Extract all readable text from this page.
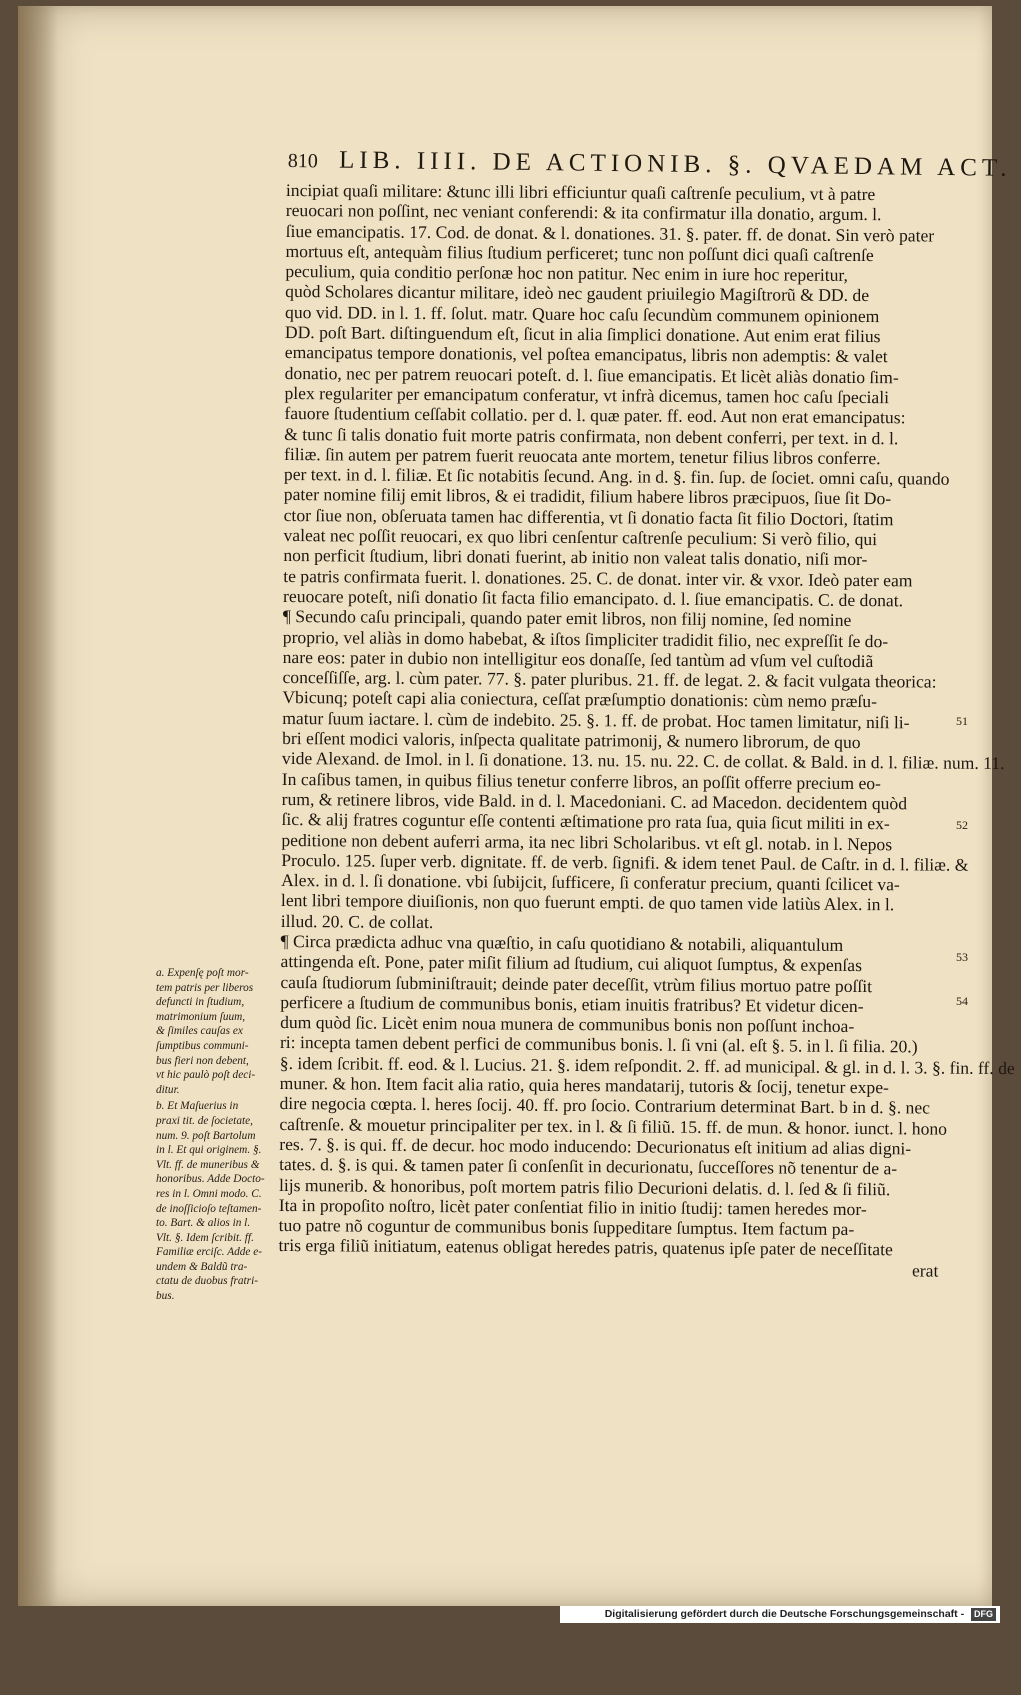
810 LIB. IIII. DE ACTIONIB. §. QVAEDAM ACT.
incipiat quaſi militare: &tunc illi libri efficiuntur quaſi caſtrenſe peculium, vt à patre
reuocari non poſſint, nec veniant conferendi: & ita confirmatur illa donatio, argum. l.
ſiue emancipatis. 17. Cod. de donat. & l. donationes. 31. §. pater. ff. de donat. Sin verò pater
mortuus eſt, antequàm filius ſtudium perficeret; tunc non poſſunt dici quaſi caſtrenſe
peculium, quia conditio perſonæ hoc non patitur. Nec enim in iure hoc reperitur,
quòd Scholares dicantur militare, ideò nec gaudent priuilegio Magiſtrorũ & DD. de
quo vid. DD. in l. 1. ff. ſolut. matr. Quare hoc caſu ſecundùm communem opinionem
DD. poſt Bart. diſtinguendum eſt, ſicut in alia ſimplici donatione. Aut enim erat filius
emancipatus tempore donationis, vel poſtea emancipatus, libris non ademptis: & valet
donatio, nec per patrem reuocari poteſt. d. l. ſiue emancipatis. Et licèt aliàs donatio ſim-
plex regulariter per emancipatum conferatur, vt infrà dicemus, tamen hoc caſu ſpeciali
fauore ſtudentium ceſſabit collatio. per d. l. quæ pater. ff. eod. Aut non erat emancipatus:
& tunc ſi talis donatio fuit morte patris confirmata, non debent conferri, per text. in d. l.
filiæ. ſin autem per patrem fuerit reuocata ante mortem, tenetur filius libros conferre.
per text. in d. l. filiæ. Et ſic notabitis ſecund. Ang. in d. §. fin. ſup. de ſociet. omni caſu, quando
pater nomine filij emit libros, & ei tradidit, filium habere libros præcipuos, ſiue ſit Do-
ctor ſiue non, obſeruata tamen hac differentia, vt ſi donatio facta ſit filio Doctori, ſtatim
valeat nec poſſit reuocari, ex quo libri cenſentur caſtrenſe peculium: Si verò filio, qui
non perficit ſtudium, libri donati fuerint, ab initio non valeat talis donatio, niſi mor-
te patris confirmata fuerit. l. donationes. 25. C. de donat. inter vir. & vxor. Ideò pater eam
reuocare poteſt, niſi donatio ſit facta filio emancipato. d. l. ſiue emancipatis. C. de donat.
¶ Secundo caſu principali, quando pater emit libros, non filij nomine, ſed nomine
proprio, vel aliàs in domo habebat, & iſtos ſimpliciter tradidit filio, nec expreſſit ſe do-
nare eos: pater in dubio non intelligitur eos donaſſe, ſed tantùm ad vſum vel cuſtodiã
conceſſiſſe, arg. l. cùm pater. 77. §. pater pluribus. 21. ff. de legat. 2. & facit vulgata theorica:
Vbicunq; poteſt capi alia coniectura, ceſſat præſumptio donationis: cùm nemo præſu-
matur ſuum iactare. l. cùm de indebito. 25. §. 1. ff. de probat. Hoc tamen limitatur, niſi li-
bri eſſent modici valoris, inſpecta qualitate patrimonij, & numero librorum, de quo
vide Alexand. de Imol. in l. ſi donatione. 13. nu. 15. nu. 22. C. de collat. & Bald. in d. l. filiæ. num. 11.
In caſibus tamen, in quibus filius tenetur conferre libros, an poſſit offerre precium eo-
rum, & retinere libros, vide Bald. in d. l. Macedoniani. C. ad Macedon. decidentem quòd
ſic. & alij fratres coguntur eſſe contenti æſtimatione pro rata ſua, quia ſicut militi in ex-
peditione non debent auferri arma, ita nec libri Scholaribus. vt eſt gl. notab. in l. Nepos
Proculo. 125. ſuper verb. dignitate. ff. de verb. ſignifi. & idem tenet Paul. de Caſtr. in d. l. filiæ. &
Alex. in d. l. ſi donatione. vbi ſubijcit, ſufficere, ſi conferatur precium, quanti ſcilicet va-
lent libri tempore diuiſionis, non quo fuerunt empti. de quo tamen vide latiùs Alex. in l.
illud. 20. C. de collat.
¶ Circa prædicta adhuc vna quæſtio, in caſu quotidiano & notabili, aliquantulum
attingenda eſt. Pone, pater miſit filium ad ſtudium, cui aliquot ſumptus, & expenſas
cauſa ſtudiorum ſubminiſtrauit; deinde pater deceſſit, vtrùm filius mortuo patre poſſit
perficere a ſtudium de communibus bonis, etiam inuitis fratribus? Et videtur dicen-
dum quòd ſic. Licèt enim noua munera de communibus bonis non poſſunt inchoa-
ri: incepta tamen debent perfici de communibus bonis. l. ſi vni (al. eſt §. 5. in l. ſi filia. 20.)
§. idem ſcribit. ff. eod. & l. Lucius. 21. §. idem reſpondit. 2. ff. ad municipal. & gl. in d. l. 3. §. fin. ff. de
muner. & hon. Item facit alia ratio, quia heres mandatarij, tutoris & ſocij, tenetur expe-
dire negocia cœpta. l. heres ſocij. 40. ff. pro ſocio. Contrarium determinat Bart. b in d. §. nec
caſtrenſe. & mouetur principaliter per tex. in l. & ſi filiũ. 15. ff. de mun. & honor. iunct. l. hono
res. 7. §. is qui. ff. de decur. hoc modo inducendo: Decurionatus eſt initium ad alias digni-
tates. d. §. is qui. & tamen pater ſi conſenſit in decurionatu, ſucceſſores nõ tenentur de a-
lijs munerib. & honoribus, poſt mortem patris filio Decurioni delatis. d. l. ſed & ſi filiũ.
Ita in propoſito noſtro, licèt pater conſentiat filio in initio ſtudij: tamen heredes mor-
tuo patre nõ coguntur de communibus bonis ſuppeditare ſumptus. Item factum pa-
tris erga filiũ initiatum, eatenus obligat heredes patris, quatenus ipſe pater de neceſſitate
erat
a. Expenſę poſt mor-
tem patris per liberos
defuncti in ſtudium,
matrimonium ſuum,
& ſimiles cauſas ex
ſumptibus communi-
bus fieri non debent,
vt hic paulò poſt deci-
ditur.
b. Et Maſuerius in
praxi tit. de ſocietate,
num. 9. poſt Bartolum
in l. Et qui originem. §.
Vlt. ff. de muneribus &
honoribus. Adde Docto-
res in l. Omni modo. C.
de inoſſicioſo teſtamen-
to. Bart. & alios in l.
Vlt. §. Idem ſcribit. ff.
Familiæ erciſc. Adde e-
undem & Baldũ tra-
ctatu de duobus fratri-
bus.
51
52
53
54
Digitalisierung gefördert durch die Deutsche Forschungsgemeinschaft - DFG
